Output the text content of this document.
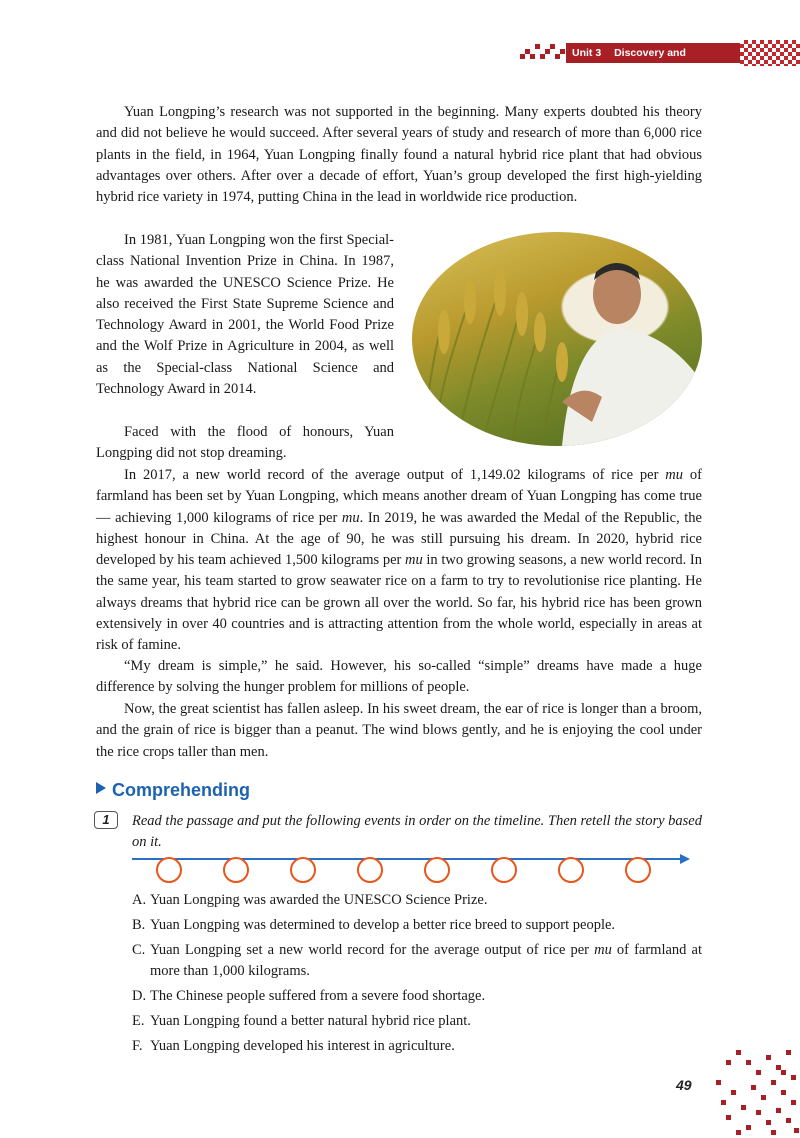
Unit 3 Discovery and Innovation

Yuan Longping’s research was not supported in the beginning. Many experts doubted his theory and did not believe he would succeed. After several years of study and research of more than 6,000 rice plants in the field, in 1964, Yuan Longping finally found a natural hybrid rice plant that had obvious advantages over others. After over a decade of effort, Yuan’s group developed the first high-yielding hybrid rice variety in 1974, putting China in the lead in worldwide rice production.

In 1981, Yuan Longping won the first Special-class National Invention Prize in China. In 1987, he was awarded the UNESCO Science Prize. He also received the First State Supreme Science and Technology Award in 2001, the World Food Prize and the Wolf Prize in Agriculture in 2004, as well as the Special-class National Science and Technology Award in 2014.

Faced with the flood of honours, Yuan Longping did not stop dreaming.

In 2017, a new world record of the average output of 1,149.02 kilograms of rice per mu of farmland has been set by Yuan Longping, which means another dream of Yuan Longping has come true — achieving 1,000 kilograms of rice per mu. In 2019, he was awarded the Medal of the Republic, the highest honour in China. At the age of 90, he was still pursuing his dream. In 2020, hybrid rice developed by his team achieved 1,500 kilograms per mu in two growing seasons, a new world record. In the same year, his team started to grow seawater rice on a farm to try to revolutionise rice planting. He always dreams that hybrid rice can be grown all over the world. So far, his hybrid rice has been grown extensively in over 40 countries and is attracting attention from the whole world, especially in areas at risk of famine.

“My dream is simple,” he said. However, his so-called “simple” dreams have made a huge difference by solving the hunger problem for millions of people.

Now, the great scientist has fallen asleep. In his sweet dream, the ear of rice is longer than a broom, and the grain of rice is bigger than a peanut. The wind blows gently, and he is enjoying the cool under the rice crops taller than men.

Comprehending
1	Read the passage and put the following events in order on the timeline. Then retell the story based on it.

A. Yuan Longping was awarded the UNESCO Science Prize.
B. Yuan Longping was determined to develop a better rice breed to support people.
C. Yuan Longping set a new world record for the average output of rice per mu of farmland at more than 1,000 kilograms.
D. The Chinese people suffered from a severe food shortage.
E. Yuan Longping found a better natural hybrid rice plant.
F. Yuan Longping developed his interest in agriculture.
49
